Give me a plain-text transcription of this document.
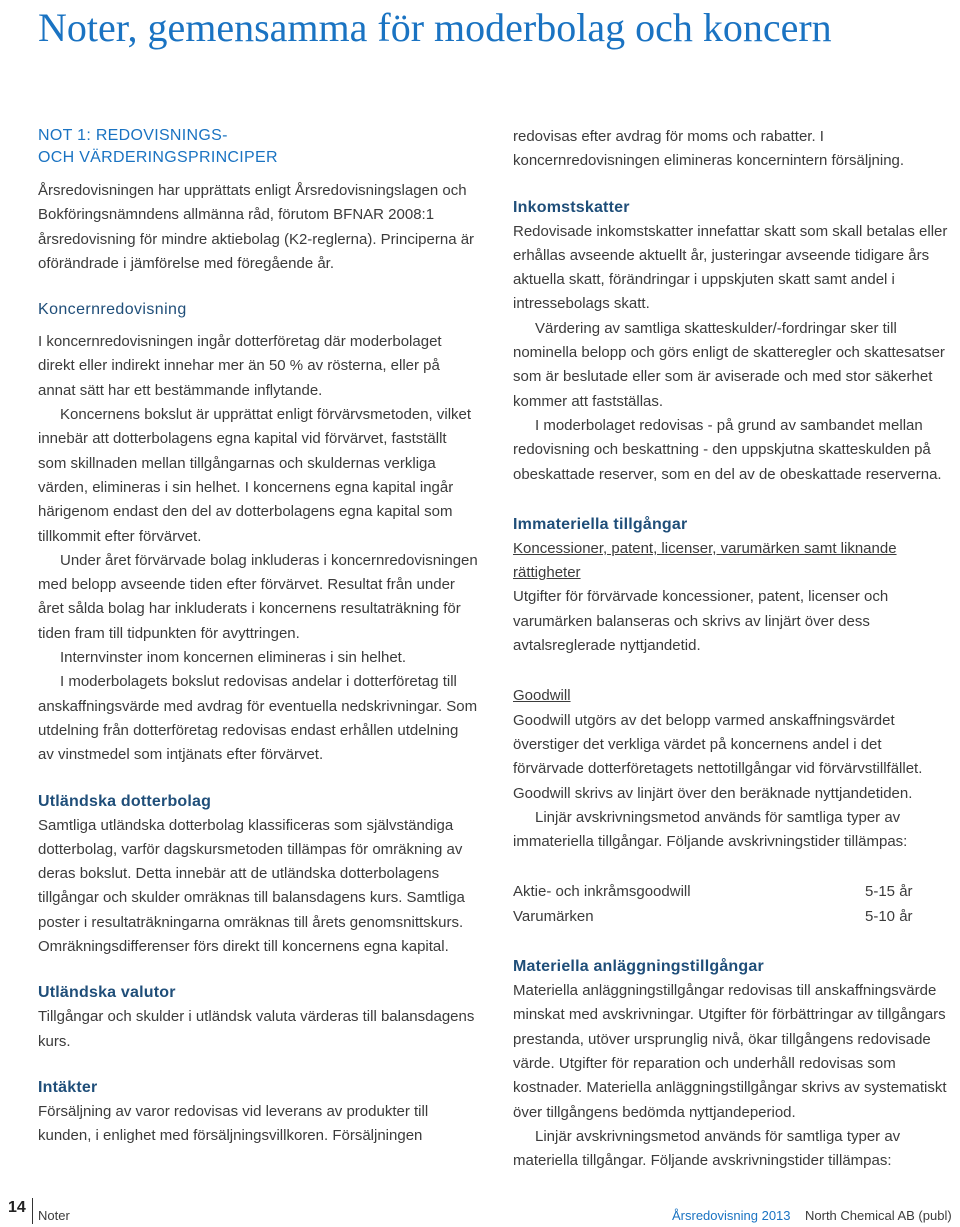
Noter, gemensamma för moderbolag och koncern
NOT 1: REDOVISNINGS-
OCH VÄRDERINGSPRINCIPER

Årsredovisningen har upprättats enligt Årsredovisningslagen och Bokföringsnämndens allmänna råd, förutom BFNAR 2008:1 årsredovisning för mindre aktiebolag (K2-reglerna). Principerna är oförändrade i jämförelse med föregående år.

Koncernredovisning

I koncernredovisningen ingår dotterföretag där moderbolaget direkt eller indirekt innehar mer än 50 % av rösterna, eller på annat sätt har ett bestämmande inflytande.

Koncernens bokslut är upprättat enligt förvärvsmetoden, vilket innebär att dotterbolagens egna kapital vid förvärvet, fastställt som skillnaden mellan tillgångarnas och skuldernas verkliga värden, elimineras i sin helhet. I koncernens egna kapital ingår härigenom endast den del av dotterbolagens egna kapital som tillkommit efter förvärvet.

Under året förvärvade bolag inkluderas i koncernredovisningen med belopp avseende tiden efter förvärvet. Resultat från under året sålda bolag har inkluderats i koncernens resultaträkning för tiden fram till tidpunkten för avyttringen.

Internvinster inom koncernen elimineras i sin helhet.

I moderbolagets bokslut redovisas andelar i dotterföretag till anskaffningsvärde med avdrag för eventuella nedskrivningar. Som utdelning från dotterföretag redovisas endast erhållen utdelning av vinstmedel som intjänats efter förvärvet.

Utländska dotterbolag

Samtliga utländska dotterbolag klassificeras som självständiga dotterbolag, varför dagskursmetoden tillämpas för omräkning av deras bokslut. Detta innebär att de utländska dotterbolagens tillgångar och skulder omräknas till balansdagens kurs. Samtliga poster i resultaträkningarna omräknas till årets genomsnittskurs. Omräkningsdifferenser förs direkt till koncernens egna kapital.

Utländska valutor

Tillgångar och skulder i utländsk valuta värderas till balansdagens kurs.

Intäkter

Försäljning av varor redovisas vid leverans av produkter till kunden, i enlighet med försäljningsvillkoren. Försäljningen

redovisas efter avdrag för moms och rabatter. I koncernredovisningen elimineras koncernintern försäljning.

Inkomstskatter

Redovisade inkomstskatter innefattar skatt som skall betalas eller erhållas avseende aktuellt år, justeringar avseende tidigare års aktuella skatt, förändringar i uppskjuten skatt samt andel i intressebolags skatt.

Värdering av samtliga skatteskulder/-fordringar sker till nominella belopp och görs enligt de skatteregler och skattesatser som är beslutade eller som är aviserade och med stor säkerhet kommer att fastställas.

I moderbolaget redovisas - på grund av sambandet mellan redovisning och beskattning - den uppskjutna skatteskulden på obeskattade reserver, som en del av de obeskattade reserverna.

Immateriella tillgångar

Koncessioner, patent, licenser, varumärken samt liknande rättigheter

Utgifter för förvärvade koncessioner, patent, licenser och varumärken balanseras och skrivs av linjärt över dess avtalsreglerade nyttjandetid.

Goodwill

Goodwill utgörs av det belopp varmed anskaffningsvärdet överstiger det verkliga värdet på koncernens andel i det förvärvade dotterföretagets nettotillgångar vid förvärvstillfället. Goodwill skrivs av linjärt över den beräknade nyttjandetiden.

Linjär avskrivningsmetod används för samtliga typer av immateriella tillgångar. Följande avskrivningstider tillämpas:

Aktie- och inkråmsgoodwill	5-15 år
Varumärken	5-10 år
Materiella anläggningstillgångar

Materiella anläggningstillgångar redovisas till anskaffningsvärde minskat med avskrivningar. Utgifter för förbättringar av tillgångars prestanda, utöver ursprunglig nivå, ökar tillgångens redovisade värde. Utgifter för reparation och underhåll redovisas som kostnader. Materiella anläggningstillgångar skrivs av systematiskt över tillgångens bedömda nyttjandeperiod.

Linjär avskrivningsmetod används för samtliga typer av materiella tillgångar. Följande avskrivningstider tillämpas:

14 Noter	Årsredovisning 2013 North Chemical AB (publ)
